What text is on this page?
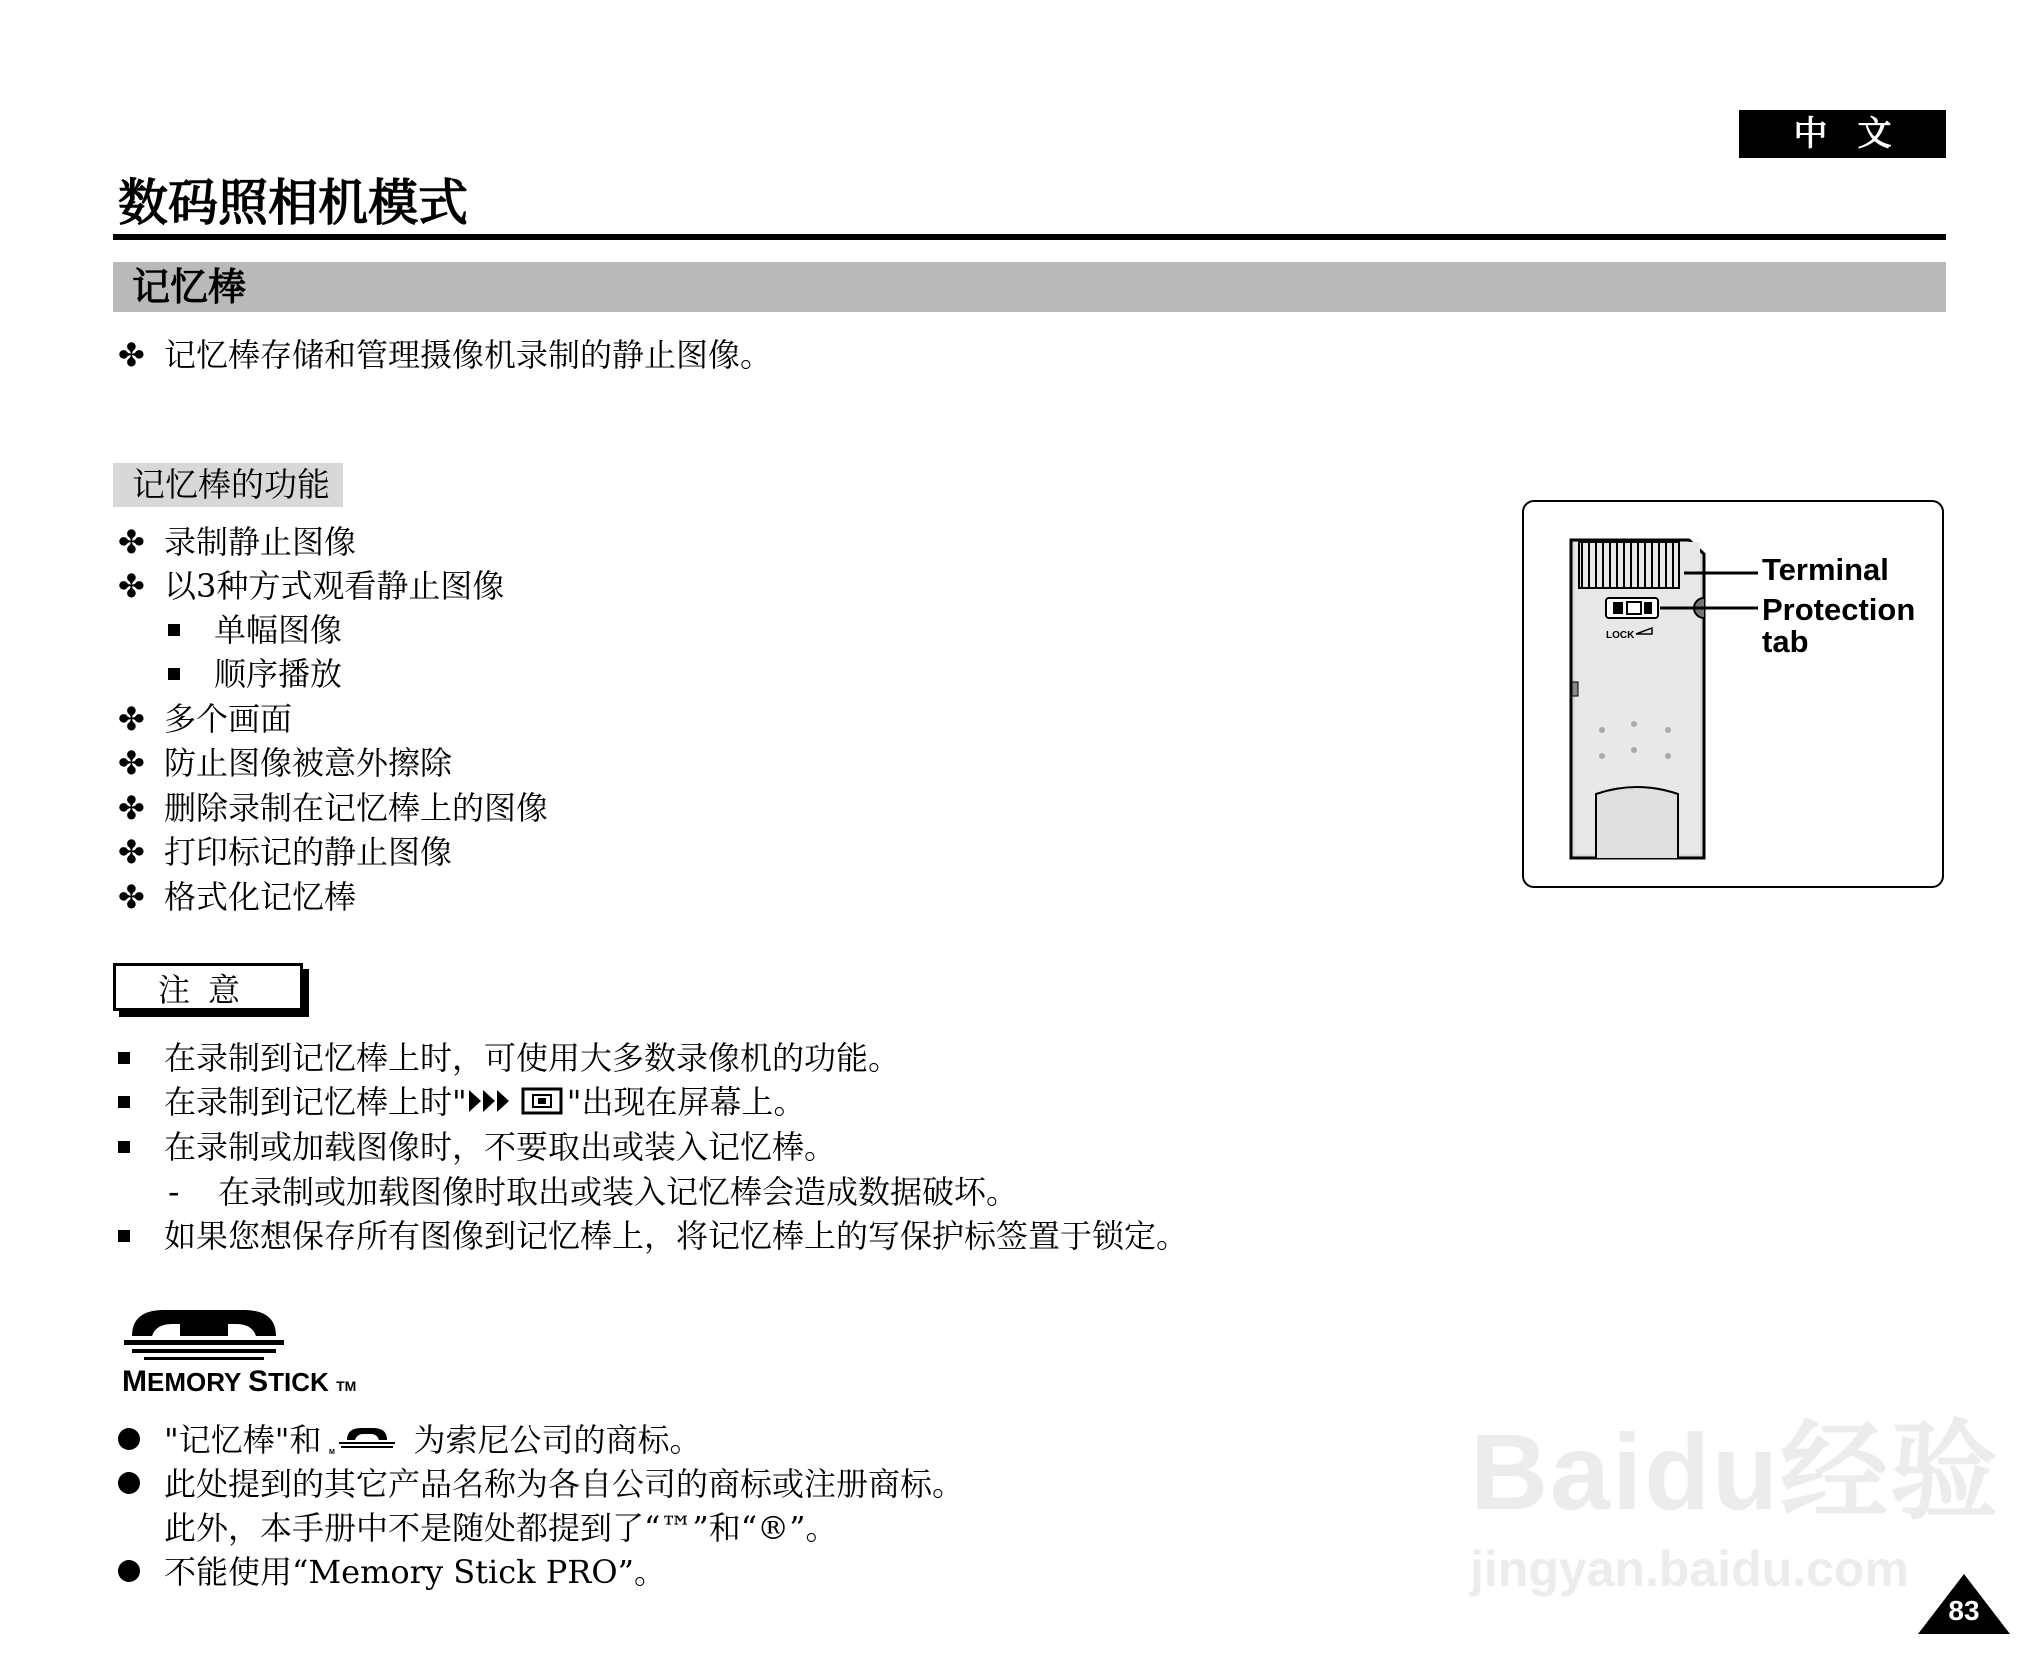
中文
数码照相机模式
记忆棒
✤ 记忆棒存储和管理摄像机录制的静止图像。
记忆棒的功能
✤ 录制静止图像
✤ 以3种方式观看静止图像
单幅图像
顺序播放
✤ 多个画面
✤ 防止图像被意外擦除
✤ 删除录制在记忆棒上的图像
✤ 打印标记的静止图像
✤ 格式化记忆棒
LOCK
Terminal
Protection
tab
注意
在录制到记忆棒上时，可使用大多数录像机的功能。
在录制到记忆棒上时"	"出现在屏幕上。
在录制或加载图像时，不要取出或装入记忆棒。
- 在录制或加载图像时取出或装入记忆棒会造成数据破坏。
如果您想保存所有图像到记忆棒上，将记忆棒上的写保护标签置于锁定。
MEMORY STICK TM
"记忆棒"和 M 为索尼公司的商标。
此处提到的其它产品名称为各自公司的商标或注册商标。
此外，本手册中不是随处都提到了“™”和“®”。
不能使用“Memory Stick PRO”。
Baidu经验
jingyan.baidu.com
83
